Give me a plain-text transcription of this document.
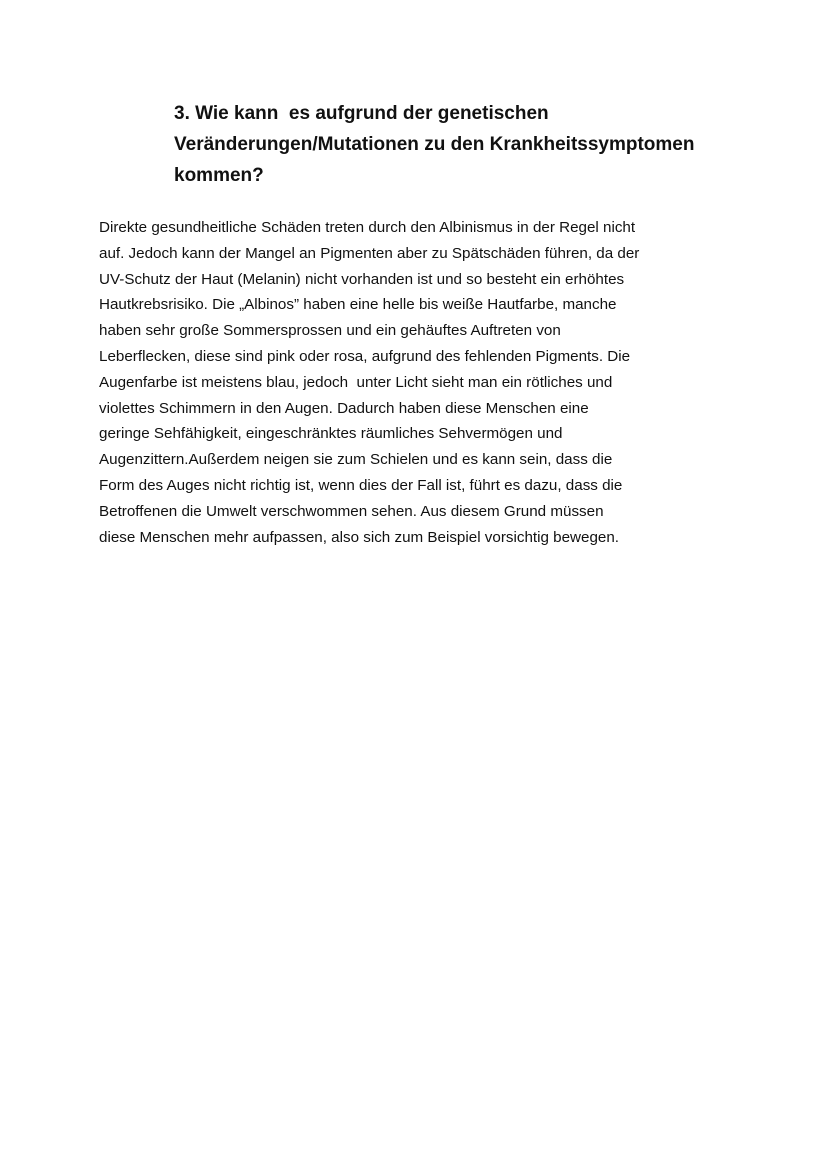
3. Wie kann  es aufgrund der genetischen
Veränderungen/Mutationen zu den Krankheitssymptomen
kommen?

Direkte gesundheitliche Schäden treten durch den Albinismus in der Regel nicht
auf. Jedoch kann der Mangel an Pigmenten aber zu Spätschäden führen, da der
UV-Schutz der Haut (Melanin) nicht vorhanden ist und so besteht ein erhöhtes
Hautkrebsrisiko. Die „Albinos” haben eine helle bis weiße Hautfarbe, manche
haben sehr große Sommersprossen und ein gehäuftes Auftreten von
Leberflecken, diese sind pink oder rosa, aufgrund des fehlenden Pigments. Die
Augenfarbe ist meistens blau, jedoch  unter Licht sieht man ein rötliches und
violettes Schimmern in den Augen. Dadurch haben diese Menschen eine
geringe Sehfähigkeit, eingeschränktes räumliches Sehvermögen und
Augenzittern.Außerdem neigen sie zum Schielen und es kann sein, dass die
Form des Auges nicht richtig ist, wenn dies der Fall ist, führt es dazu, dass die
Betroffenen die Umwelt verschwommen sehen. Aus diesem Grund müssen
diese Menschen mehr aufpassen, also sich zum Beispiel vorsichtig bewegen.
